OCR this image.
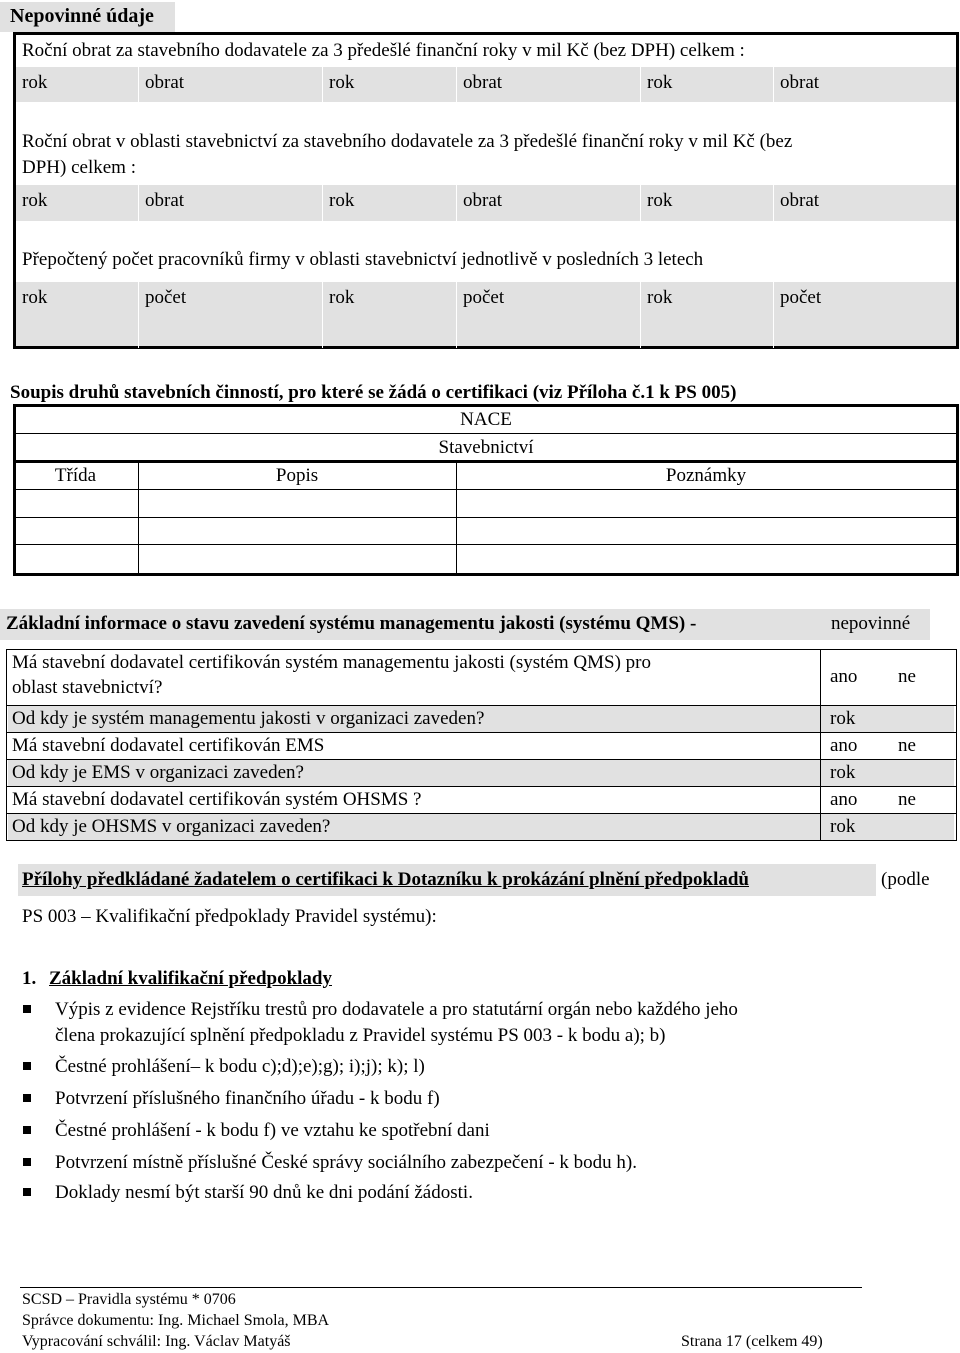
Nepovinné údaje
Roční obrat za stavebního dodavatele za 3 předešlé finanční roky v mil Kč (bez DPH) celkem :
rok	obrat	rok	obrat	rok	obrat
Roční obrat v oblasti stavebnictví za stavebního dodavatele za 3 předešlé finanční roky v mil Kč (bez
DPH) celkem :
rok	obrat	rok	obrat	rok	obrat
Přepočtený počet pracovníků firmy v oblasti stavebnictví jednotlivě v posledních 3 letech
rok	počet	rok	počet	rok	počet
Soupis druhů stavebních činností, pro které se žádá o certifikaci (viz Příloha č.1 k PS 005)
NACE
Stavebnictví
Třída	Popis	Poznámky
Základní informace o stavu zavedení systému managementu jakosti (systému QMS) -	nepovinné
Má stavební dodavatel certifikován systém managementu jakosti (systém QMS) pro
oblast stavebnictví?
ano ne
Od kdy je systém managementu jakosti v organizaci zaveden?	rok
Má stavební dodavatel certifikován EMS	ano ne
Od kdy je EMS v organizaci zaveden?	rok
Má stavební dodavatel certifikován systém OHSMS ?	ano ne
Od kdy je OHSMS v organizaci zaveden?	rok
Přílohy předkládané žadatelem o certifikaci k Dotazníku k prokázání plnění předpokladů	(podle
PS 003 – Kvalifikační předpoklady Pravidel systému):
1. Základní kvalifikační předpoklady
Výpis z evidence Rejstříku trestů pro dodavatele a pro statutární orgán nebo každého jeho
člena prokazující splnění předpokladu z Pravidel systému PS 003 - k bodu a); b)
Čestné prohlášení– k bodu c);d);e);g); i);j); k); l)
Potvrzení příslušného finančního úřadu - k bodu f)
Čestné prohlášení - k bodu f) ve vztahu ke spotřební dani
Potvrzení místně příslušné České správy sociálního zabezpečení - k bodu h).
Doklady nesmí být starší 90 dnů ke dni podání žádosti.
SCSD – Pravidla systému * 0706
Správce dokumentu: Ing. Michael Smola, MBA
Vypracování schválil: Ing. Václav Matyáš	Strana 17 (celkem 49)
